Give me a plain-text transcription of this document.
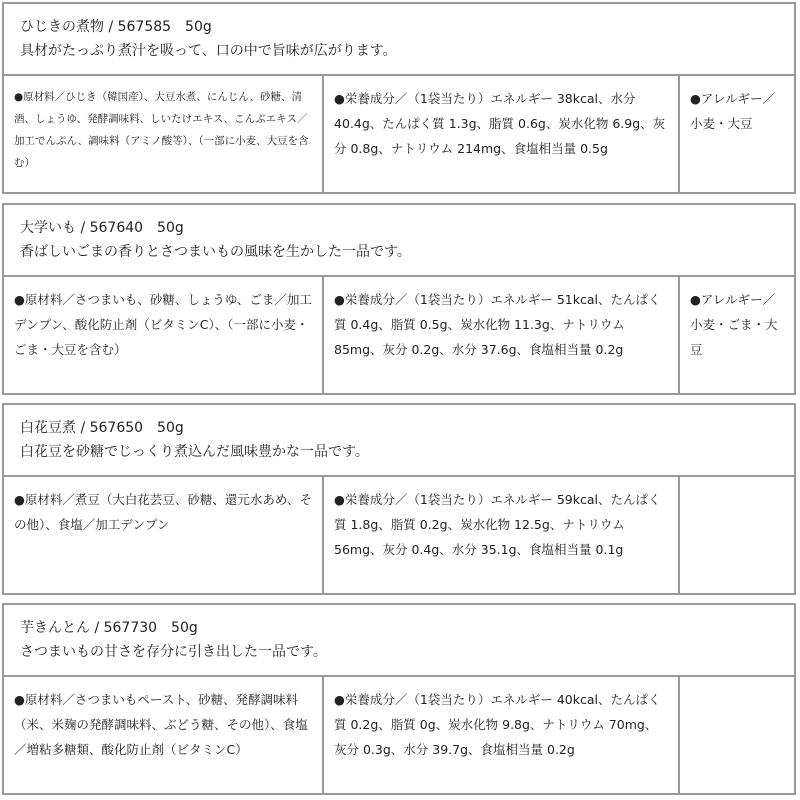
ひじきの煮物 / 567585　50g
具材がたっぷり煮汁を吸って、口の中で旨味が広がります。
●原材料／ひじき（韓国産）、大豆水煮、にんじん、砂糖、清酒、しょうゆ、発酵調味料、しいたけエキス、こんぶエキス／加工でんぷん、調味料（アミノ酸等）、（一部に小麦、大豆を含む）
●栄養成分／（1袋当たり）エネルギー 38kcal、水分 40.4g、たんぱく質 1.3g、脂質 0.6g、炭水化物 6.9g、灰分 0.8g、ナトリウム 214mg、食塩相当量 0.5g
●アレルギー／小麦・大豆
大学いも / 567640　50g
香ばしいごまの香りとさつまいもの風味を生かした一品です。
●原材料／さつまいも、砂糖、しょうゆ、ごま／加工デンプン、酸化防止剤（ビタミンC）、（一部に小麦・ごま・大豆を含む）
●栄養成分／（1袋当たり）エネルギー 51kcal、たんぱく質 0.4g、脂質 0.5g、炭水化物 11.3g、ナトリウム 85mg、灰分 0.2g、水分 37.6g、食塩相当量 0.2g
●アレルギー／小麦・ごま・大豆
白花豆煮 / 567650　50g
白花豆を砂糖でじっくり煮込んだ風味豊かな一品です。
●原材料／煮豆（大白花芸豆、砂糖、還元水あめ、その他）、食塩／加工デンプン
●栄養成分／（1袋当たり）エネルギー 59kcal、たんぱく質 1.8g、脂質 0.2g、炭水化物 12.5g、ナトリウム 56mg、灰分 0.4g、水分 35.1g、食塩相当量 0.1g
芋きんとん / 567730　50g
さつまいもの甘さを存分に引き出した一品です。
●原材料／さつまいもペースト、砂糖、発酵調味料（米、米麹の発酵調味料、ぶどう糖、その他）、食塩／増粘多糖類、酸化防止剤（ビタミンC）
●栄養成分／（1袋当たり）エネルギー 40kcal、たんぱく質 0.2g、脂質 0g、炭水化物 9.8g、ナトリウム 70mg、灰分 0.3g、水分 39.7g、食塩相当量 0.2g
